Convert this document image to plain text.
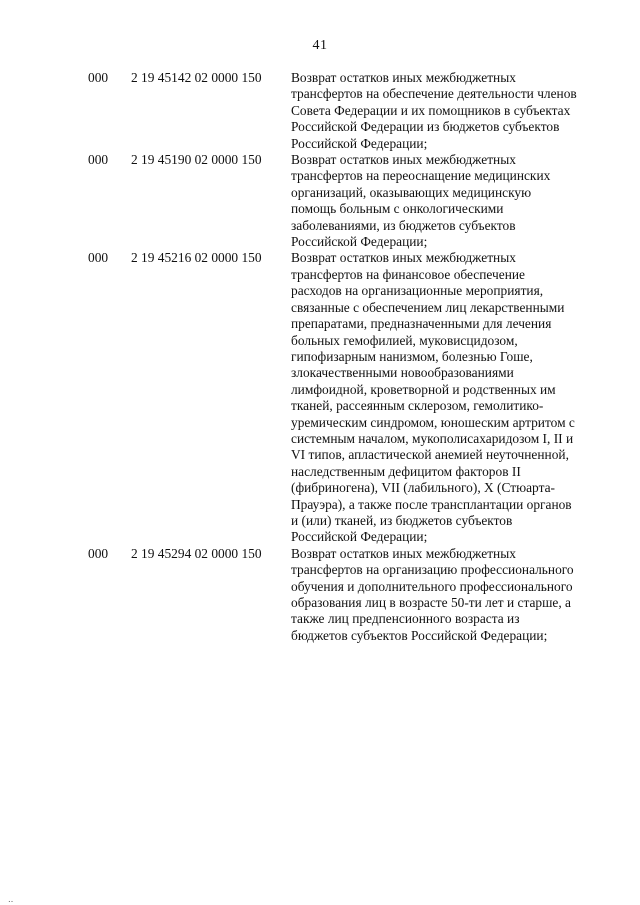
41
000	2 19 45142 02 0000 150	Возврат остатков иных межбюджетных
трансфертов на обеспечение деятельности членов
Совета Федерации и их помощников в субъектах
Российской Федерации из бюджетов субъектов
Российской Федерации;
000	2 19 45190 02 0000 150	Возврат остатков иных межбюджетных
трансфертов на переоснащение медицинских
организаций, оказывающих медицинскую
помощь больным с онкологическими
заболеваниями, из бюджетов субъектов
Российской Федерации;
000	2 19 45216 02 0000 150	Возврат остатков иных межбюджетных
трансфертов на финансовое обеспечение
расходов на организационные мероприятия,
связанные с обеспечением лиц лекарственными
препаратами, предназначенными для лечения
больных гемофилией, муковисцидозом,
гипофизарным нанизмом, болезнью Гоше,
злокачественными новообразованиями
лимфоидной, кроветворной и родственных им
тканей, рассеянным склерозом, гемолитико-
уремическим синдромом, юношеским артритом с
системным началом, мукополисахаридозом I, II и
VI типов, апластической анемией неуточненной,
наследственным дефицитом факторов II
(фибриногена), VII (лабильного), X (Стюарта-
Прауэра), а также после трансплантации органов
и (или) тканей, из бюджетов субъектов
Российской Федерации;
000	2 19 45294 02 0000 150	Возврат остатков иных межбюджетных
трансфертов на организацию профессионального
обучения и дополнительного профессионального
образования лиц в возрасте 50-ти лет и старше, а
также лиц предпенсионного возраста из
бюджетов субъектов Российской Федерации;
‥
